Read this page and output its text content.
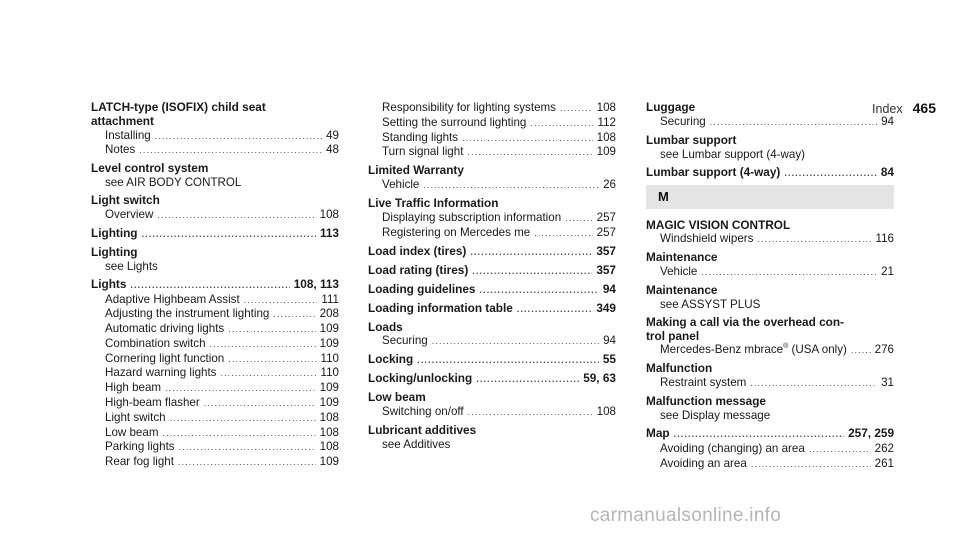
Index 465
LATCH-type (ISOFIX) child seat
attachment
Installing .....	49
Notes .....	48
Level control system
see AIR BODY CONTROL
Light switch
Overview .....	108
Lighting .....	113
Lighting
see Lights
Lights .....	108, 113
Adaptive Highbeam Assist .....	111
Adjusting the instrument lighting .....	208
Automatic driving lights .....	109
Combination switch .....	109
Cornering light function .....	110
Hazard warning lights .....	110
High beam .....	109
High-beam flasher .....	109
Light switch .....	108
Low beam .....	108
Parking lights .....	108
Rear fog light .....	109
Responsibility for lighting systems .....	108
Setting the surround lighting .....	112
Standing lights .....	108
Turn signal light .....	109
Limited Warranty
Vehicle .....	26
Live Traffic Information
Displaying subscription information .....	257
Registering on Mercedes me .....	257
Load index (tires) .....	357
Load rating (tires) .....	357
Loading guidelines .....	94
Loading information table .....	349
Loads
Securing .....	94
Locking .....	55
Locking/unlocking .....	59, 63
Low beam
Switching on/off .....	108
Lubricant additives
see Additives
Luggage
Securing .....	94
Lumbar support
see Lumbar support (4-way)
Lumbar support (4-way) .....	84
M
MAGIC VISION CONTROL
Windshield wipers .....	116
Maintenance
Vehicle .....	21
Maintenance
see ASSYST PLUS
Making a call via the overhead con-
trol panel
Mercedes-Benz mbrace® (USA only) ..... 276
Malfunction
Restraint system .....	31
Malfunction message
see Display message
Map .....	257, 259
Avoiding (changing) an area .....	262
Avoiding an area .....	261
carmanualsonline.info
